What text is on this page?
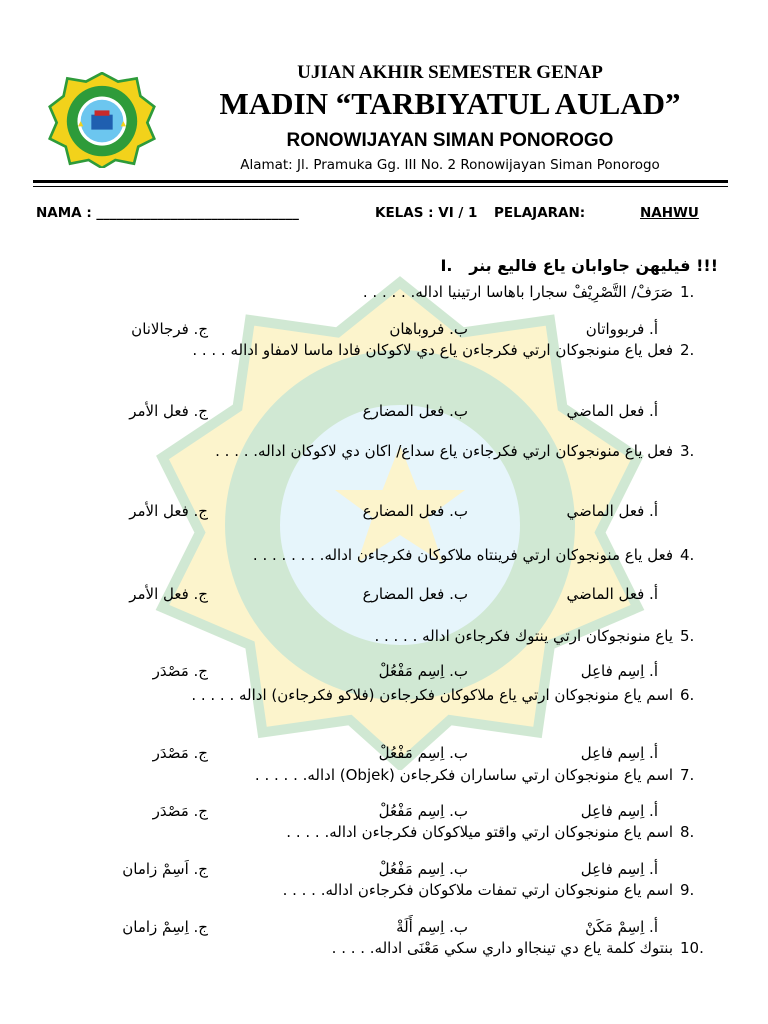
UJIAN AKHIR SEMESTER GENAP
MADIN “TARBIYATUL AULAD”
RONOWIJAYAN SIMAN PONOROGO
Alamat: Jl. Pramuka Gg. III No. 2 Ronowijayan Siman Ponorogo
NAMA : ______________________________	KELAS : VI / 1 PELAJARAN:	NAHWU
I. فيليهن جاوابان ياع فاليع بنر !!!
1.
صَرَفْ/ التَّصْرِيْفْ سجارا باهاسا ارتينيا اداله. . . . . .
أ. فربوواتان
ب. فروباهان
ج. فرجالانان
2.
فعل ياع منونجوكان ارتي فكرجاءن ياع دي لاكوكان فادا ماسا لامفاو اداله . . . .
أ. فعل الماضي
ب. فعل المضارع
ج. فعل الأمر
3.
فعل ياع منونجوكان ارتي فكرجاءن ياع سداع/ اكان دي لاكوكان اداله. . . . .
أ. فعل الماضي
ب. فعل المضارع
ج. فعل الأمر
4.
فعل ياع منونجوكان ارتي فرينتاه ملاكوكان فكرجاءن اداله. . . . . . . .
أ. فعل الماضي
ب. فعل المضارع
ج. فعل الأمر
5.
ياع منونجوكان ارتي ينتوك فكرجاءن اداله . . . . .
أ. اِسِم فاعِل
ب. اِسِم مَفْعُلْ
ج. مَصْدَر
6.
اسم ياع منونجوكان ارتي ياع ملاكوكان فكرجاءن (فلاكو فكرجاءن) اداله . . . . .
أ. اِسِم فاعِل
ب. اِسِم مَفْعُلْ
ج. مَصْدَر
7.
اسم ياع منونجوكان ارتي ساساران فكرجاءن (Objek) اداله. . . . . .
أ. اِسِم فاعِل
ب. اِسِم مَفْعُلْ
ج. مَصْدَر
8.
اسم ياع منونجوكان ارتي واقتو ميلاكوكان فكرجاءن اداله. . . . .
أ. اِسِم فاعِل
ب. اِسِم مَفْعُلْ
ج. اَسِمْ زامان
9.
اسم ياع منونجوكان ارتي تمفات ملاكوكان فكرجاءن اداله. . . . .
أ. اِسِمْ مَكَنْ
ب. اِسِم أَلَةْ
ج. اِسِمْ زامان
10.
بنتوك كلمة ياع دي تينجااو داري سكي مَعْنَى اداله. . . . .
